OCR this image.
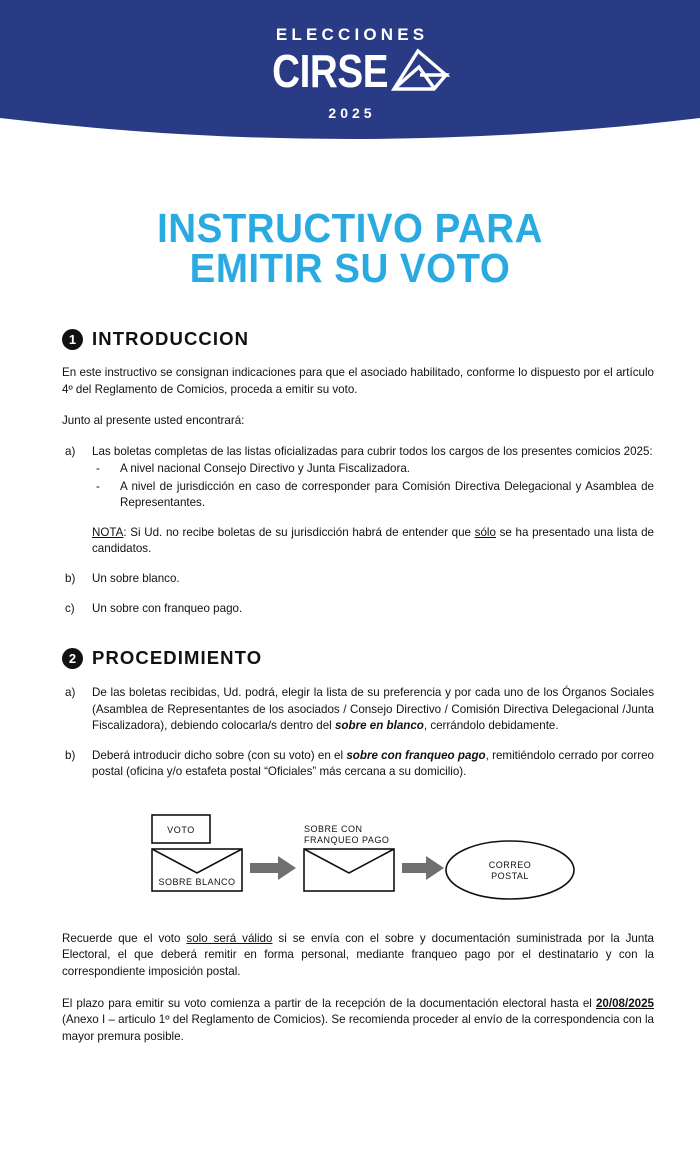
ELECCIONES
CIRSE
2025
INSTRUCTIVO PARA
EMITIR SU VOTO
1 INTRODUCCION

En este instructivo se consignan indicaciones para que el asociado habilitado, conforme lo dispuesto por el artículo 4º del Reglamento de Comicios, proceda a emitir su voto.

Junto al presente usted encontrará:

a)	Las boletas completas de las listas oficializadas para cubrir todos los cargos de los presentes comicios 2025:
- A nivel nacional Consejo Directivo y Junta Fiscalizadora.
- A nivel de jurisdicción en caso de corresponder para Comisión Directiva Delegacional y Asamblea de Representantes.
NOTA: Si Ud. no recibe boletas de su jurisdicción habrá de entender que sólo se ha presentado una lista de candidatos.
b)	Un sobre blanco.
c)	Un sobre con franqueo pago.
2 PROCEDIMIENTO
a)	De las boletas recibidas, Ud. podrá, elegir la lista de su preferencia y por cada uno de los Órganos Sociales (Asamblea de Representantes de los asociados / Consejo Directivo / Comisión Directiva Delegacional /Junta Fiscalizadora), debiendo colocarla/s dentro del sobre en blanco, cerrándolo debidamente.
b)	Deberá introducir dicho sobre (con su voto) en el sobre con franqueo pago, remitiéndolo cerrado por correo postal (oficina y/o estafeta postal “Oficiales” más cercana a su domicilio).
VOTO
SOBRE BLANCO
SOBRE CON
FRANQUEO PAGO
CORREO
POSTAL

Recuerde que el voto solo será válido si se envía con el sobre y documentación suministrada por la Junta Electoral, el que deberá remitir en forma personal, mediante franqueo pago por el destinatario y con la correspondiente imposición postal.

El plazo para emitir su voto comienza a partir de la recepción de la documentación electoral hasta el 20/08/2025 (Anexo I – articulo 1º del Reglamento de Comicios). Se recomienda proceder al envío de la correspondencia con la mayor premura posible.
